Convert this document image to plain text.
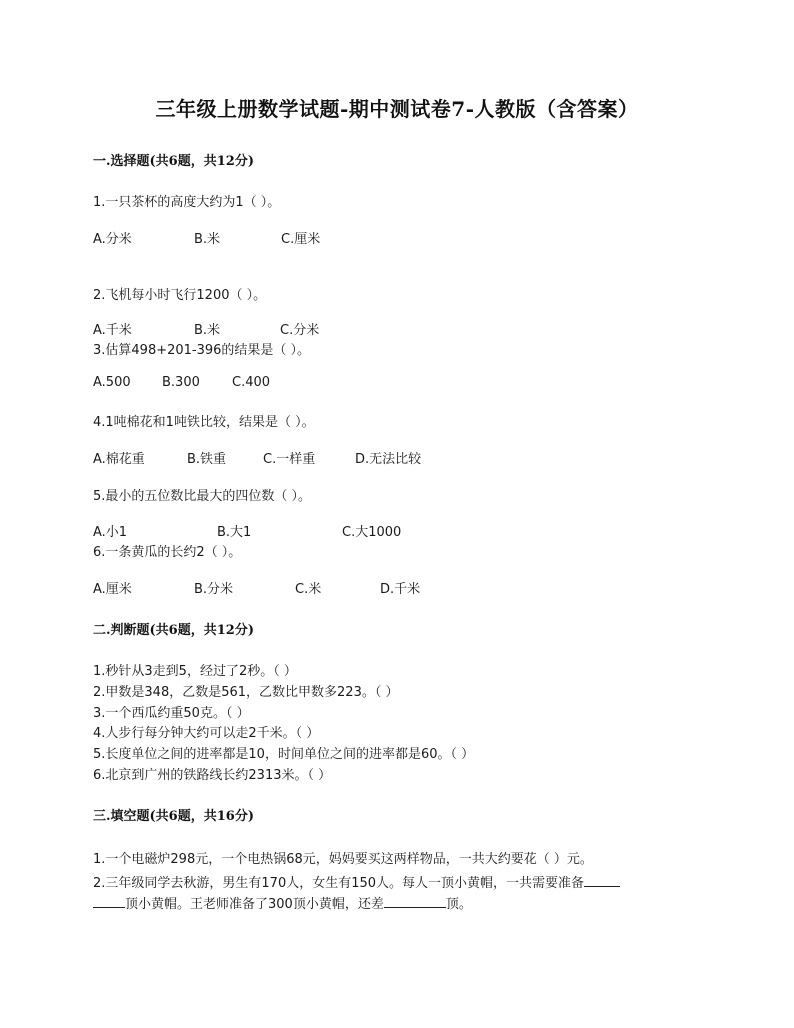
三年级上册数学试题-期中测试卷7-人教版（含答案）
一.选择题(共6题，共12分)
1.一只茶杯的高度大约为1（ ）。
A.分米	B.米	C.厘米
2.飞机每小时飞行1200（ ）。
A.千米	B.米	C.分米
3.估算498+201-396的结果是（ ）。
A.500 B.300 C.400
4.1吨棉花和1吨铁比较，结果是（ ）。
A.棉花重	B.铁重	C.一样重	D.无法比较
5.最小的五位数比最大的四位数（ ）。
A.小1	B.大1	C.大1000
6.一条黄瓜的长约2（ ）。
A.厘米	B.分米	C.米	D.千米
二.判断题(共6题，共12分)
1.秒针从3走到5，经过了2秒。（ ）
2.甲数是348，乙数是561，乙数比甲数多223。（ ）
3.一个西瓜约重50克。（ ）
4.人步行每分钟大约可以走2千米。（ ）
5.长度单位之间的进率都是10，时间单位之间的进率都是60。（ ）
6.北京到广州的铁路线长约2313米。（ ）
三.填空题(共6题，共16分)
1.一个电磁炉298元，一个电热锅68元，妈妈要买这两样物品，一共大约要花（ ）元。
2.三年级同学去秋游，男生有170人，女生有150人。每人一顶小黄帽，一共需要准备
顶小黄帽。王老师准备了300顶小黄帽，还差	顶。
